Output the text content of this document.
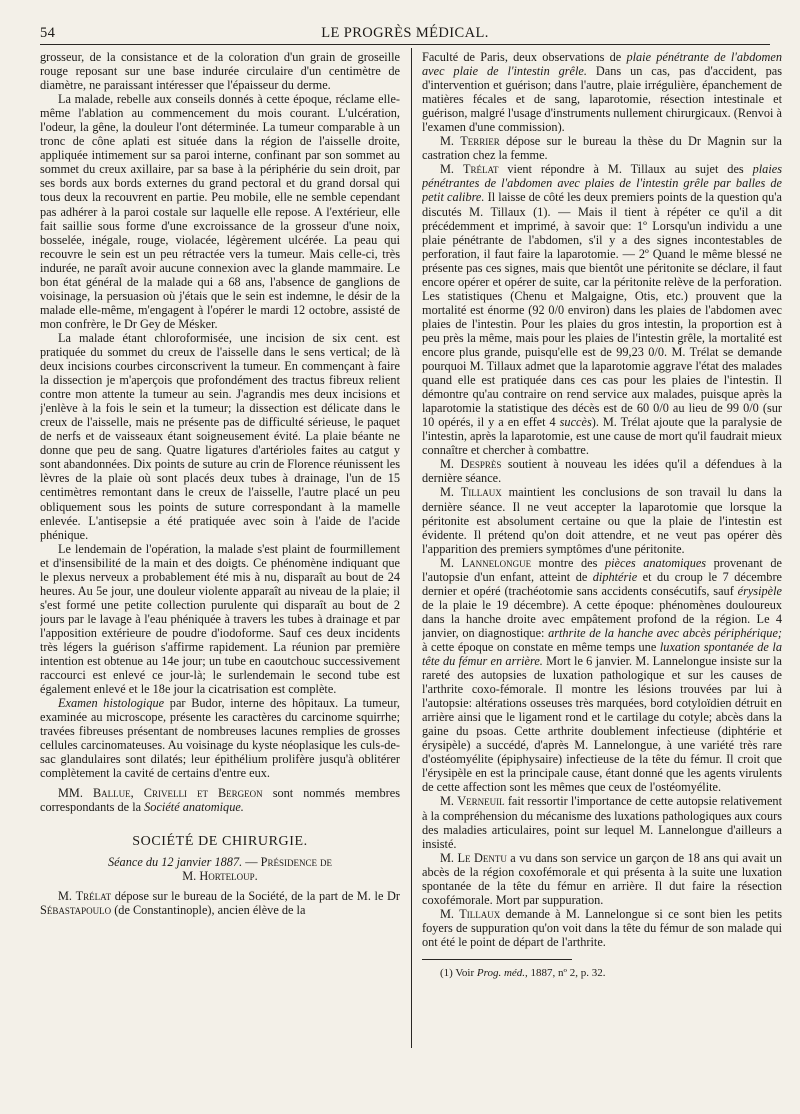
54	LE PROGRÈS MÉDICAL.

grosseur, de la consistance et de la coloration d'un grain de groseille rouge reposant sur une base indurée circulaire d'un centimètre de diamètre, ne paraissant intéresser que l'épaisseur du derme.

La malade, rebelle aux conseils donnés à cette époque, réclame elle-même l'ablation au commencement du mois courant. L'ulcération, l'odeur, la gêne, la douleur l'ont déterminée. La tumeur comparable à un tronc de cône aplati est située dans la région de l'aisselle droite, appliquée intimement sur sa paroi interne, confinant par son sommet au sommet du creux axillaire, par sa base à la périphérie du sein droit, par ses bords aux bords externes du grand pectoral et du grand dorsal qui tous deux la recouvrent en partie. Peu mobile, elle ne semble cependant pas adhérer à la paroi costale sur laquelle elle repose. A l'extérieur, elle fait saillie sous forme d'une excroissance de la grosseur d'une noix, bosselée, inégale, rouge, violacée, légèrement ulcérée. La peau qui recouvre le sein est un peu rétractée vers la tumeur. Mais celle-ci, très indurée, ne paraît avoir aucune connexion avec la glande mammaire. Le bon état général de la malade qui a 68 ans, l'absence de ganglions de voisinage, la persuasion où j'étais que le sein est indemne, le désir de la malade elle-même, m'engagent à l'opérer le mardi 12 octobre, assisté de mon confrère, le Dr Gey de Mésker.

La malade étant chloroformisée, une incision de six cent. est pratiquée du sommet du creux de l'aisselle dans le sens vertical; de là deux incisions courbes circonscrivent la tumeur. En commençant à faire la dissection je m'aperçois que profondément des tractus fibreux relient contre mon attente la tumeur au sein. J'agrandis mes deux incisions et j'enlève à la fois le sein et la tumeur; la dissection est délicate dans le creux de l'aisselle, mais ne présente pas de difficulté sérieuse, le paquet de nerfs et de vaisseaux étant soigneusement évité. La plaie béante ne donne que peu de sang. Quatre ligatures d'artérioles faites au catgut y sont abandonnées. Dix points de suture au crin de Florence réunissent les lèvres de la plaie où sont placés deux tubes à drainage, l'un de 15 centimètres remontant dans le creux de l'aisselle, l'autre placé un peu obliquement sous les points de suture correspondant à la mamelle enlevée. L'antisepsie a été pratiquée avec soin à l'aide de l'acide phénique.

Le lendemain de l'opération, la malade s'est plaint de fourmillement et d'insensibilité de la main et des doigts. Ce phénomène indiquant que le plexus nerveux a probablement été mis à nu, disparaît au bout de 24 heures. Au 5e jour, une douleur violente apparaît au niveau de la plaie; il s'est formé une petite collection purulente qui disparaît au bout de 2 jours par le lavage à l'eau phéniquée à travers les tubes à drainage et par l'apposition extérieure de poudre d'iodoforme. Sauf ces deux incidents très légers la guérison s'affirme rapidement. La réunion par première intention est obtenue au 14e jour; un tube en caoutchouc successivement raccourci est enlevé ce jour-là; le surlendemain le second tube est également enlevé et le 18e jour la cicatrisation est complète.

Examen histologique par Budor, interne des hôpitaux. La tumeur, examinée au microscope, présente les caractères du carcinome squirrhe; travées fibreuses présentant de nombreuses lacunes remplies de grosses cellules carcinomateuses. Au voisinage du kyste néoplasique les culs-de-sac glandulaires sont dilatés; leur épithélium prolifère jusqu'à oblitérer complètement la cavité de certains d'entre eux.

MM. Ballue, Crivelli et Bergeon sont nommés membres correspondants de la Société anatomique.

SOCIÉTÉ DE CHIRURGIE.

Séance du 12 janvier 1887. — Présidence de

M. Horteloup.

M. Trélat dépose sur le bureau de la Société, de la part de M. le Dr Sébastapoulo (de Constantinople), ancien élève de la

Faculté de Paris, deux observations de plaie pénétrante de l'abdomen avec plaie de l'intestin grêle. Dans un cas, pas d'accident, pas d'intervention et guérison; dans l'autre, plaie irrégulière, épanchement de matières fécales et de sang, laparotomie, résection intestinale et guérison, malgré l'usage d'instruments nullement chirurgicaux. (Renvoi à l'examen d'une commission).

M. Terrier dépose sur le bureau la thèse du Dr Magnin sur la castration chez la femme.

M. Trélat vient répondre à M. Tillaux au sujet des plaies pénétrantes de l'abdomen avec plaies de l'intestin grêle par balles de petit calibre. Il laisse de côté les deux premiers points de la question qu'a discutés M. Tillaux (1). — Mais il tient à répéter ce qu'il a dit précédemment et imprimé, à savoir que: 1º Lorsqu'un individu a une plaie pénétrante de l'abdomen, s'il y a des signes incontestables de perforation, il faut faire la laparotomie. — 2º Quand le même blessé ne présente pas ces signes, mais que bientôt une péritonite se déclare, il faut encore opérer et opérer de suite, car la péritonite relève de la perforation. Les statistiques (Chenu et Malgaigne, Otis, etc.) prouvent que la mortalité est énorme (92 0/0 environ) dans les plaies de l'abdomen avec plaies de l'intestin. Pour les plaies du gros intestin, la proportion est à peu près la même, mais pour les plaies de l'intestin grêle, la mortalité est encore plus grande, puisqu'elle est de 99,23 0/0. M. Trélat se demande pourquoi M. Tillaux admet que la laparotomie aggrave l'état des malades quand elle est pratiquée dans ces cas pour les plaies de l'intestin. Il démontre qu'au contraire on rend service aux malades, puisque après la laparotomie la statistique des décès est de 60 0/0 au lieu de 99 0/0 (sur 10 opérés, il y a en effet 4 succès). M. Trélat ajoute que la paralysie de l'intestin, après la laparotomie, est une cause de mort qu'il faudrait mieux connaître et chercher à combattre.

M. Desprès soutient à nouveau les idées qu'il a défendues à la dernière séance.

M. Tillaux maintient les conclusions de son travail lu dans la dernière séance. Il ne veut accepter la laparotomie que lorsque la péritonite est absolument certaine ou que la plaie de l'intestin est évidente. Il prétend qu'on doit attendre, et ne veut pas opérer dès l'apparition des premiers symptômes d'une péritonite.

M. Lannelongue montre des pièces anatomiques provenant de l'autopsie d'un enfant, atteint de diphtérie et du croup le 7 décembre dernier et opéré (trachéotomie sans accidents consécutifs, sauf érysipèle de la plaie le 19 décembre). A cette époque: phénomènes douloureux dans la hanche droite avec empâtement profond de la région. Le 4 janvier, on diagnostique: arthrite de la hanche avec abcès périphérique; à cette époque on constate en même temps une luxation spontanée de la tête du fémur en arrière. Mort le 6 janvier. M. Lannelongue insiste sur la rareté des autopsies de luxation pathologique et sur les causes de l'arthrite coxo-fémorale. Il montre les lésions trouvées par lui à l'autopsie: altérations osseuses très marquées, bord cotyloïdien détruit en arrière ainsi que le ligament rond et le cartilage du cotyle; abcès dans la gaine du psoas. Cette arthrite doublement infectieuse (diphtérie et érysipèle) a succédé, d'après M. Lannelongue, à une variété très rare d'ostéomyélite (épiphysaire) infectieuse de la tête du fémur. Il croit que l'érysipèle en est la principale cause, étant donné que les agents virulents de cette affection sont les mêmes que ceux de l'ostéomyélite.

M. Verneuil fait ressortir l'importance de cette autopsie relativement à la compréhension du mécanisme des luxations pathologiques aux cours des maladies articulaires, point sur lequel M. Lannelongue d'ailleurs a insisté.

M. Le Dentu a vu dans son service un garçon de 18 ans qui avait un abcès de la région coxofémorale et qui présenta à la suite une luxation spontanée de la tête du fémur en arrière. Il dut faire la résection coxofémorale. Mort par suppuration.

M. Tillaux demande à M. Lannelongue si ce sont bien les petits foyers de suppuration qu'on voit dans la tête du fémur de son malade qui ont été le point de départ de l'arthrite.

(1) Voir Prog. méd., 1887, nº 2, p. 32.
